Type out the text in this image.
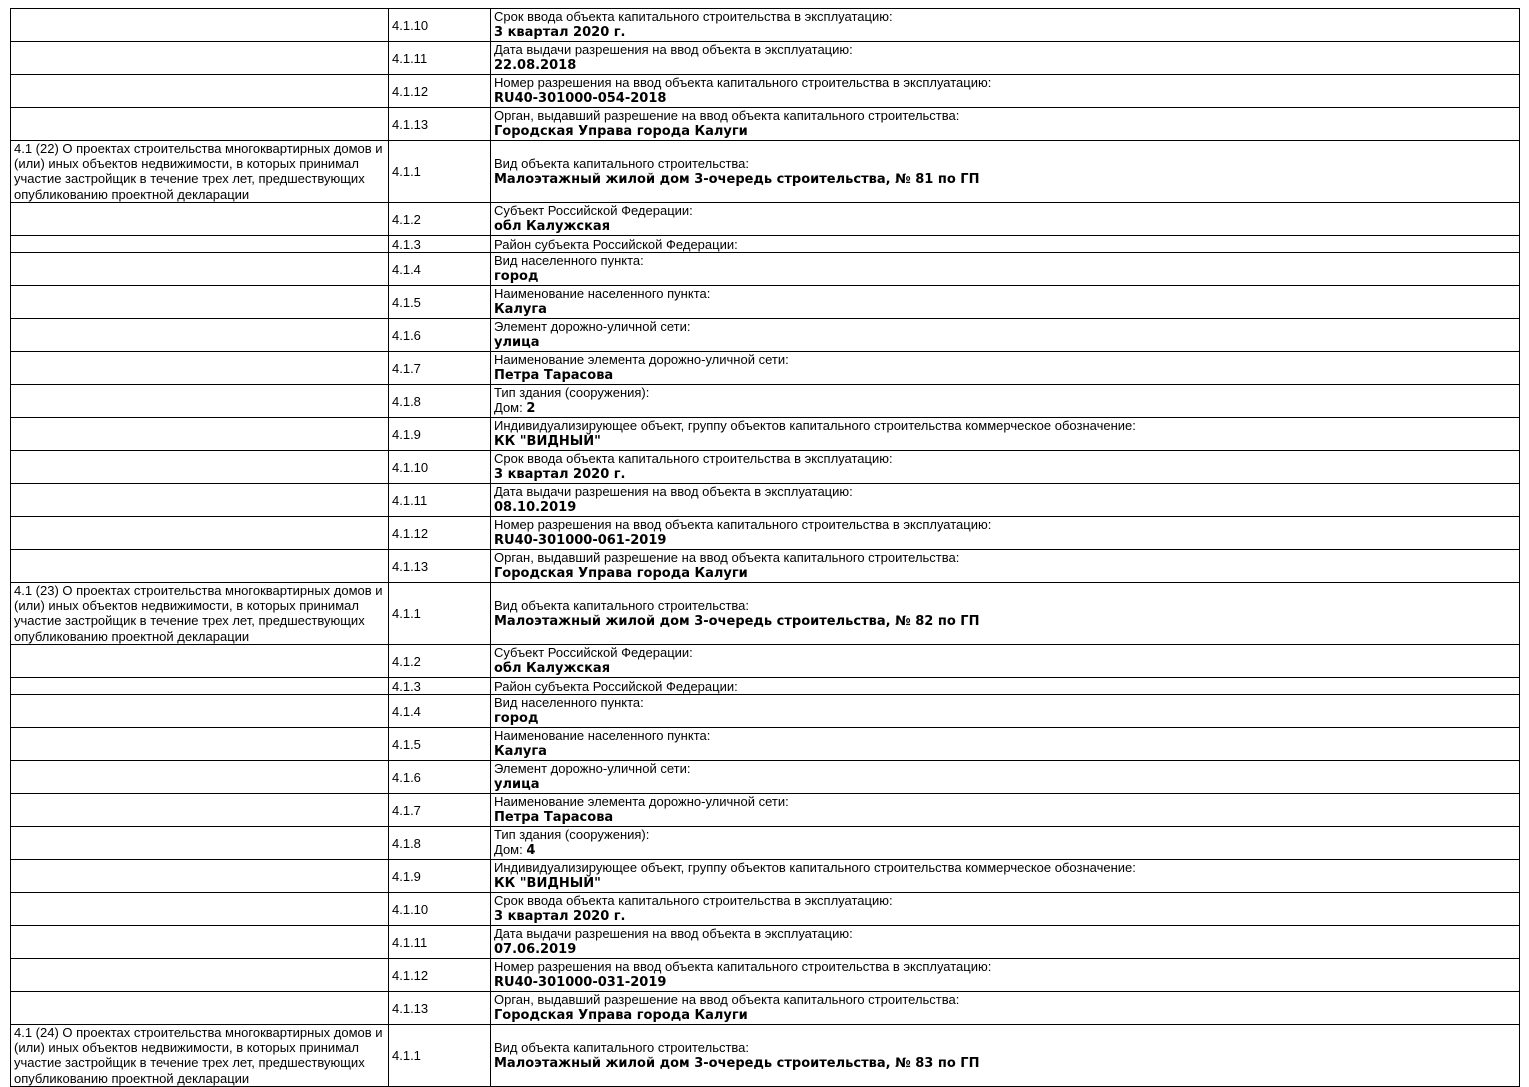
	4.1.10	Срок ввода объекта капитального строительства в эксплуатацию:
3 квартал 2020 г.

	4.1.11	Дата выдачи разрешения на ввод объекта в эксплуатацию:
22.08.2018

	4.1.12	Номер разрешения на ввод объекта капитального строительства в эксплуатацию:
RU40-301000-054-2018

	4.1.13	Орган, выдавший разрешение на ввод объекта капитального строительства:
Городская Управа города Калуги

4.1 (22) О проектах строительства многоквартирных домов и (или) иных объектов недвижимости, в которых принимал участие застройщик в течение трех лет, предшествующих опубликованию проектной декларации	4.1.1	Вид объекта капитального строительства:
Малоэтажный жилой дом 3-очередь строительства, № 81 по ГП

	4.1.2	Субъект Российской Федерации:
обл Калужская

	4.1.3	Район субъекта Российской Федерации:

	4.1.4	Вид населенного пункта:
город

	4.1.5	Наименование населенного пункта:
Калуга

	4.1.6	Элемент дорожно-уличной сети:
улица

	4.1.7	Наименование элемента дорожно-уличной сети:
Петра Тарасова

	4.1.8	Тип здания (сооружения):
Дом: 2

	4.1.9	Индивидуализирующее объект, группу объектов капитального строительства коммерческое обозначение:
КК "ВИДНЫЙ"

	4.1.10	Срок ввода объекта капитального строительства в эксплуатацию:
3 квартал 2020 г.

	4.1.11	Дата выдачи разрешения на ввод объекта в эксплуатацию:
08.10.2019

	4.1.12	Номер разрешения на ввод объекта капитального строительства в эксплуатацию:
RU40-301000-061-2019

	4.1.13	Орган, выдавший разрешение на ввод объекта капитального строительства:
Городская Управа города Калуги

4.1 (23) О проектах строительства многоквартирных домов и (или) иных объектов недвижимости, в которых принимал участие застройщик в течение трех лет, предшествующих опубликованию проектной декларации	4.1.1	Вид объекта капитального строительства:
Малоэтажный жилой дом 3-очередь строительства, № 82 по ГП

	4.1.2	Субъект Российской Федерации:
обл Калужская

	4.1.3	Район субъекта Российской Федерации:

	4.1.4	Вид населенного пункта:
город

	4.1.5	Наименование населенного пункта:
Калуга

	4.1.6	Элемент дорожно-уличной сети:
улица

	4.1.7	Наименование элемента дорожно-уличной сети:
Петра Тарасова

	4.1.8	Тип здания (сооружения):
Дом: 4

	4.1.9	Индивидуализирующее объект, группу объектов капитального строительства коммерческое обозначение:
КК "ВИДНЫЙ"

	4.1.10	Срок ввода объекта капитального строительства в эксплуатацию:
3 квартал 2020 г.

	4.1.11	Дата выдачи разрешения на ввод объекта в эксплуатацию:
07.06.2019

	4.1.12	Номер разрешения на ввод объекта капитального строительства в эксплуатацию:
RU40-301000-031-2019

	4.1.13	Орган, выдавший разрешение на ввод объекта капитального строительства:
Городская Управа города Калуги

4.1 (24) О проектах строительства многоквартирных домов и (или) иных объектов недвижимости, в которых принимал участие застройщик в течение трех лет, предшествующих опубликованию проектной декларации	4.1.1	Вид объекта капитального строительства:
Малоэтажный жилой дом 3-очередь строительства, № 83 по ГП
